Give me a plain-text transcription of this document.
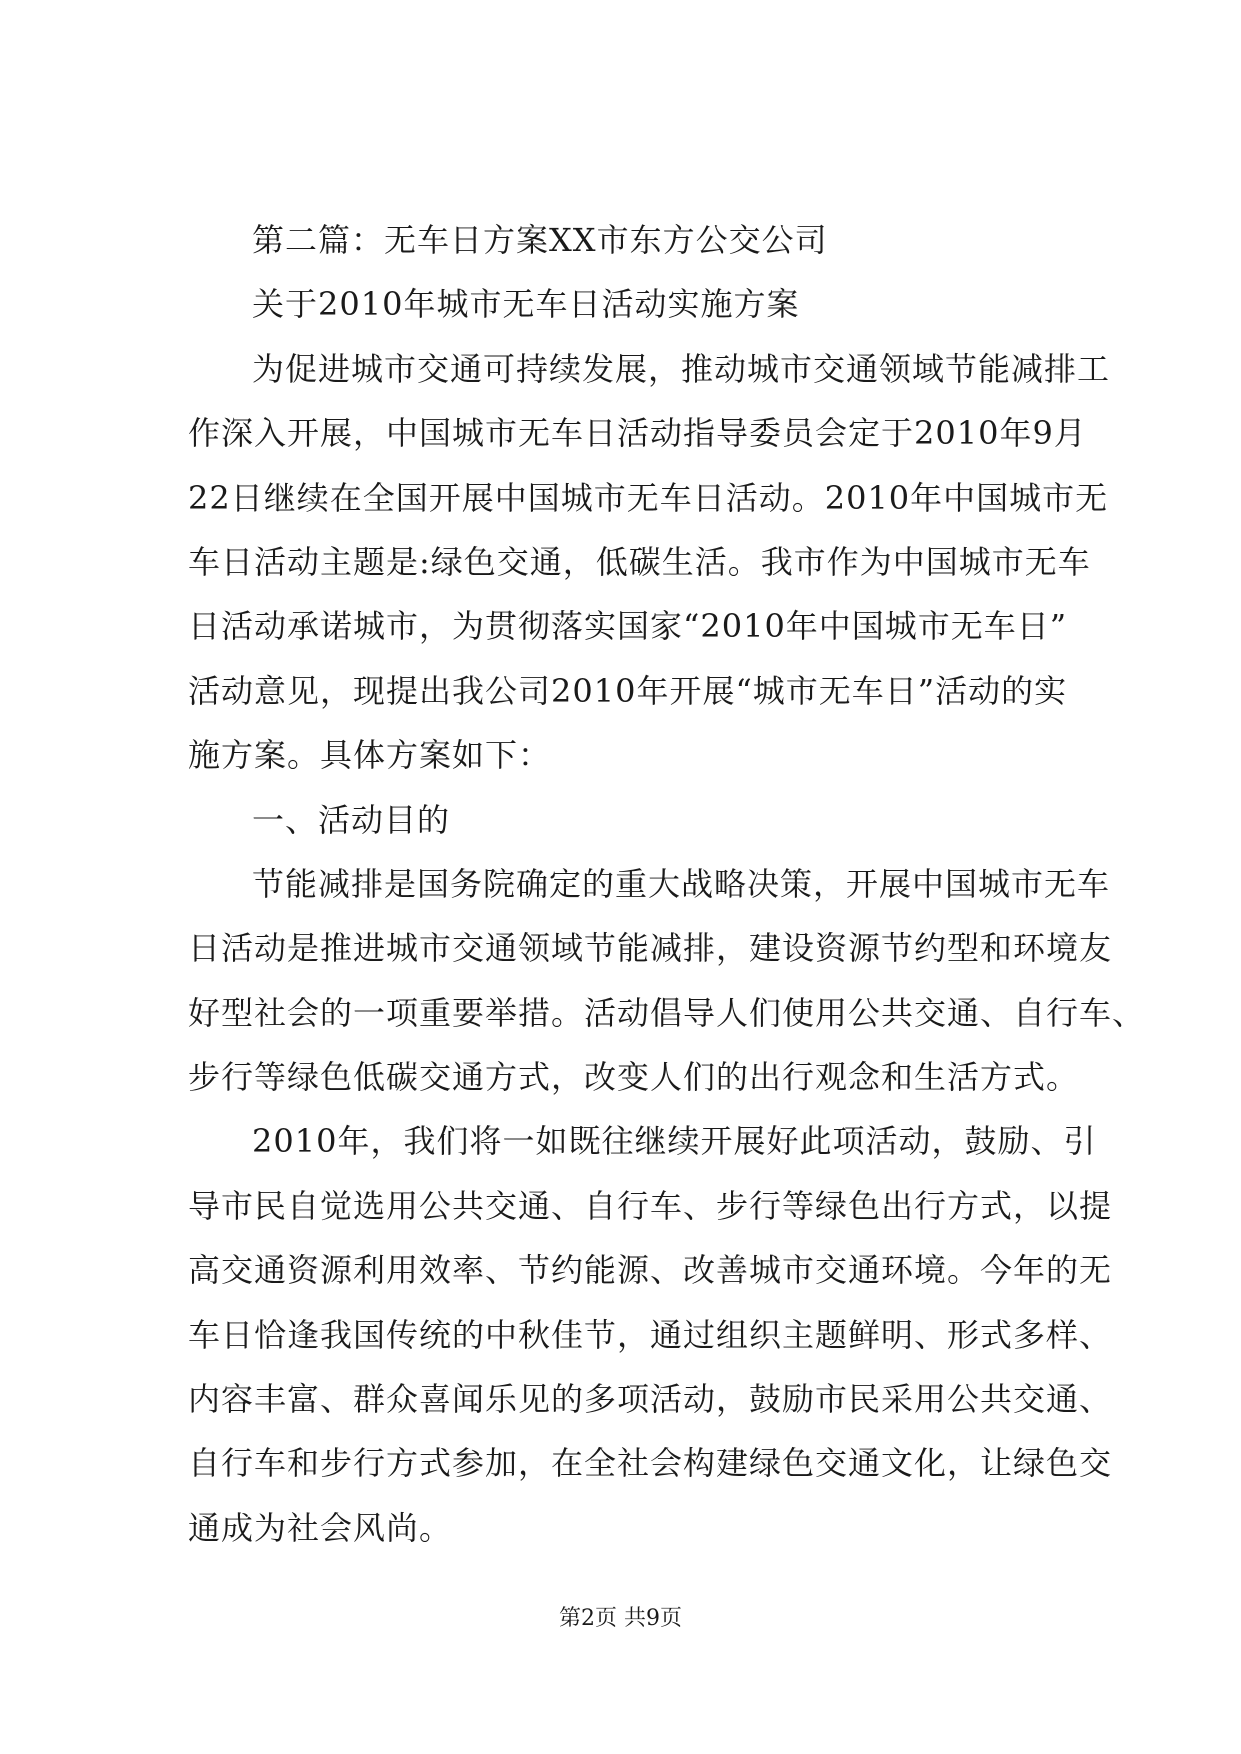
第二篇：无车日方案XX市东方公交公司
关于2010年城市无车日活动实施方案
为促进城市交通可持续发展，推动城市交通领域节能减排工
作深入开展，中国城市无车日活动指导委员会定于2010年9月
22日继续在全国开展中国城市无车日活动。2010年中国城市无
车日活动主题是:绿色交通，低碳生活。我市作为中国城市无车
日活动承诺城市，为贯彻落实国家“2010年中国城市无车日”
活动意见，现提出我公司2010年开展“城市无车日”活动的实
施方案。具体方案如下：
一、活动目的
节能减排是国务院确定的重大战略决策，开展中国城市无车
日活动是推进城市交通领域节能减排，建设资源节约型和环境友
好型社会的一项重要举措。活动倡导人们使用公共交通、自行车、
步行等绿色低碳交通方式，改变人们的出行观念和生活方式。
2010年，我们将一如既往继续开展好此项活动，鼓励、引
导市民自觉选用公共交通、自行车、步行等绿色出行方式，以提
高交通资源利用效率、节约能源、改善城市交通环境。今年的无
车日恰逢我国传统的中秋佳节，通过组织主题鲜明、形式多样、
内容丰富、群众喜闻乐见的多项活动，鼓励市民采用公共交通、
自行车和步行方式参加，在全社会构建绿色交通文化，让绿色交
通成为社会风尚。
第2页 共9页
